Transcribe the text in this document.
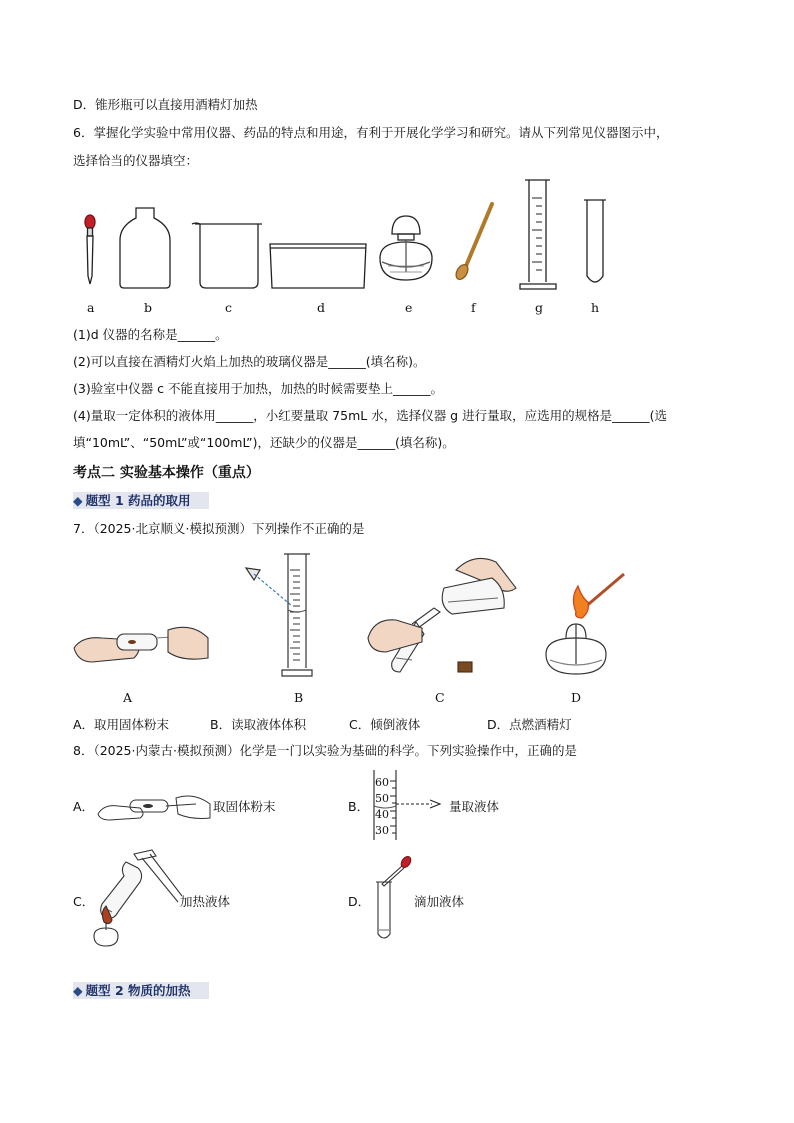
D．锥形瓶可以直接用酒精灯加热
6．掌握化学实验中常用仪器、药品的特点和用途，有利于开展化学学习和研究。请从下列常见仪器图示中，
选择恰当的仪器填空：
a	b	c	d	e	f	g	h
(1)d 仪器的名称是______。
(2)可以直接在酒精灯火焰上加热的玻璃仪器是______(填名称)。
(3)验室中仪器 c 不能直接用于加热，加热的时候需要垫上______。
(4)量取一定体积的液体用______，小红要量取 75mL 水，选择仪器 g 进行量取，应选用的规格是______(选
填“10mL”、“50mL”或“100mL”)，还缺少的仪器是______(填名称)。
考点二 实验基本操作（重点）
◆ 题型 1 药品的取用
7．（2025·北京顺义·模拟预测）下列操作不正确的是
A	B	C	D
A．取用固体粉末	B．读取液体体积	C．倾倒液体	D．点燃酒精灯
8．（2025·内蒙古·模拟预测）化学是一门以实验为基础的科学。下列实验操作中，正确的是
A．	取固体粉末	B．
60
50
40
30
量取液体
C．	加热液体	D．	滴加液体
◆ 题型 2 物质的加热
